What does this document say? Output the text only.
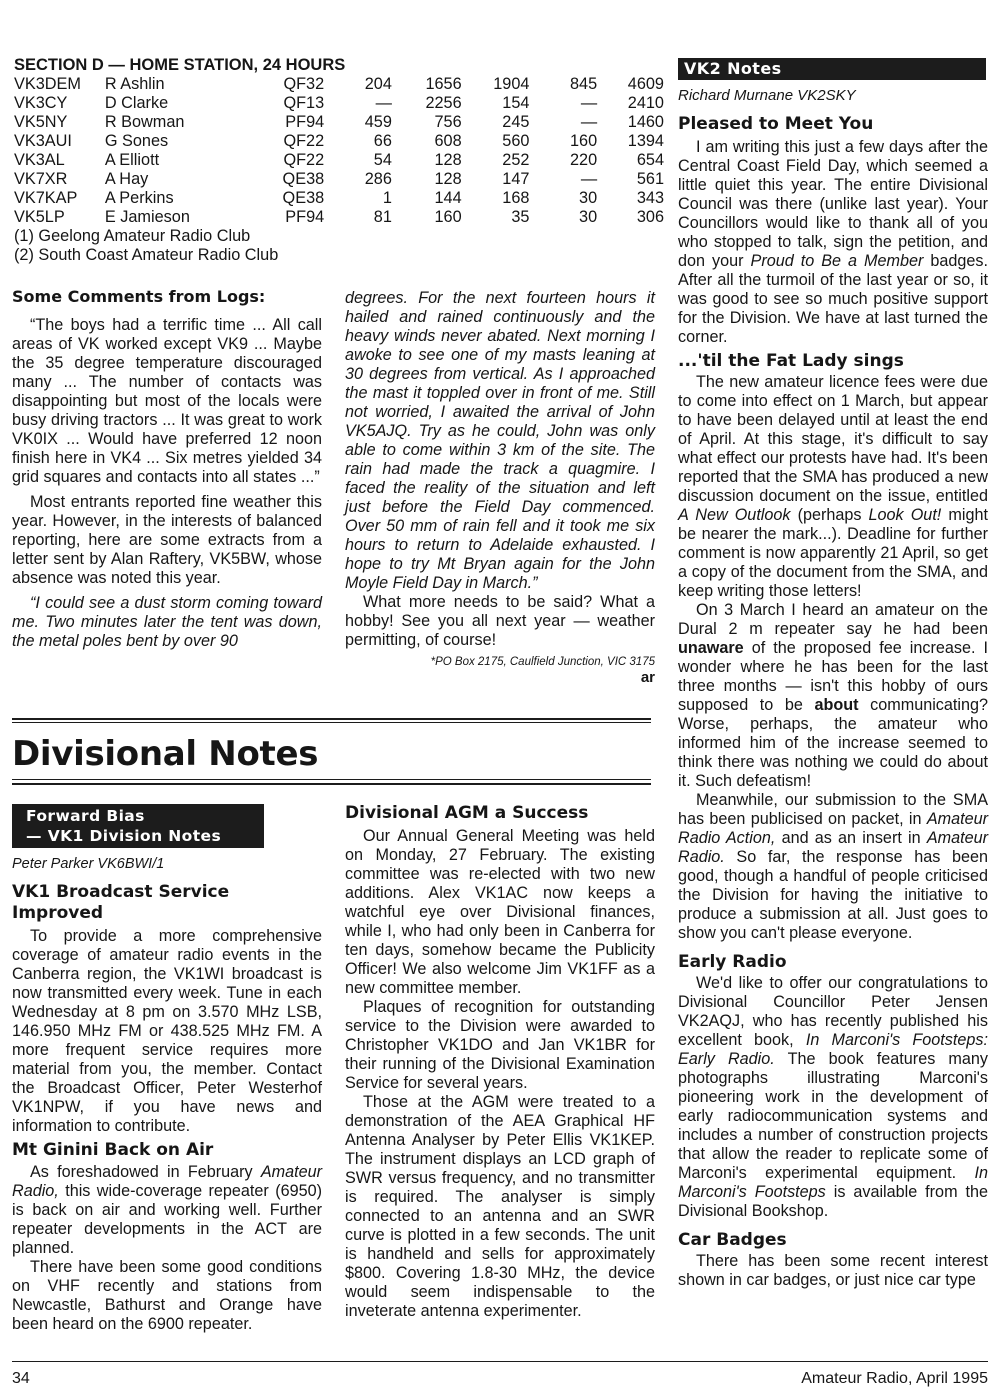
SECTION D — HOME STATION, 24 HOURS
VK3DEM	R Ashlin	QF32	204	1656	1904	845	4609
VK3CY	D Clarke	QF13	—	2256	154	—	2410
VK5NY	R Bowman	PF94	459	756	245	—	1460
VK3AUI	G Sones	QF22	66	608	560	160	1394
VK3AL	A Elliott	QF22	54	128	252	220	654
VK7XR	A Hay	QE38	286	128	147	—	561
VK7KAP	A Perkins	QE38	1	144	168	30	343
VK5LP	E Jamieson	PF94	81	160	35	30	306
(1) Geelong Amateur Radio Club
(2) South Coast Amateur Radio Club
Some Comments from Logs:

“The boys had a terrific time ... All call areas of VK worked except VK9 ... Maybe the 35 degree temperature discouraged many ... The number of contacts was disappointing but most of the locals were busy driving tractors ... It was great to work VK0IX ... Would have preferred 12 noon finish here in VK4 ... Six metres yielded 34 grid squares and contacts into all states ...”

Most entrants reported fine weather this year. However, in the interests of balanced reporting, here are some extracts from a letter sent by Alan Raftery, VK5BW, whose absence was noted this year.

“I could see a dust storm coming toward me. Two minutes later the tent was down, the metal poles bent by over 90

degrees. For the next fourteen hours it hailed and rained continuously and the heavy winds never abated. Next morning I awoke to see one of my masts leaning at 30 degrees from vertical. As I approached the mast it toppled over in front of me. Still not worried, I awaited the arrival of John VK5AJQ. Try as he could, John was only able to come within 3 km of the site. The rain had made the track a quagmire. I faced the reality of the situation and left just before the Field Day commenced. Over 50 mm of rain fell and it took me six hours to return to Adelaide exhausted. I hope to try Mt Bryan again for the John Moyle Field Day in March.”

What more needs to be said? What a hobby! See you all next year — weather permitting, of course!

*PO Box 2175, Caulfield Junction, VIC 3175
ar
Divisional Notes
Forward Bias
— VK1 Division Notes
Peter Parker VK6BWI/1
VK1 Broadcast Service Improved

To provide a more comprehensive coverage of amateur radio events in the Canberra region, the VK1WI broadcast is now transmitted every week. Tune in each Wednesday at 8 pm on 3.570 MHz LSB, 146.950 MHz FM or 438.525 MHz FM. A more frequent service requires more material from you, the member. Contact the Broadcast Officer, Peter Westerhof VK1NPW, if you have news and information to contribute.

Mt Ginini Back on Air

As foreshadowed in February Amateur Radio, this wide-coverage repeater (6950) is back on air and working well. Further repeater developments in the ACT are planned.

There have been some good conditions on VHF recently and stations from Newcastle, Bathurst and Orange have been heard on the 6900 repeater.

Divisional AGM a Success

Our Annual General Meeting was held on Monday, 27 February. The existing committee was re-elected with two new additions. Alex VK1AC now keeps a watchful eye over Divisional finances, while I, who had only been in Canberra for ten days, somehow became the Publicity Officer! We also welcome Jim VK1FF as a new committee member.

Plaques of recognition for outstanding service to the Division were awarded to Christopher VK1DO and Jan VK1BR for their running of the Divisional Examination Service for several years.

Those at the AGM were treated to a demonstration of the AEA Graphical HF Antenna Analyser by Peter Ellis VK1KEP. The instrument displays an LCD graph of SWR versus frequency, and no transmitter is required. The analyser is simply connected to an antenna and an SWR curve is plotted in a few seconds. The unit is handheld and sells for approximately $800. Covering 1.8-30 MHz, the device would seem indispensable to the inveterate antenna experimenter.

VK2 Notes
Richard Murnane VK2SKY
Pleased to Meet You

I am writing this just a few days after the Central Coast Field Day, which seemed a little quiet this year. The entire Divisional Council was there (unlike last year). Your Councillors would like to thank all of you who stopped to talk, sign the petition, and don your Proud to Be a Member badges. After all the turmoil of the last year or so, it was good to see so much positive support for the Division. We have at last turned the corner.

...'til the Fat Lady sings

The new amateur licence fees were due to come into effect on 1 March, but appear to have been delayed until at least the end of April. At this stage, it's difficult to say what effect our protests have had. It's been reported that the SMA has produced a new discussion document on the issue, entitled A New Outlook (perhaps Look Out! might be nearer the mark...). Deadline for further comment is now apparently 21 April, so get a copy of the document from the SMA, and keep writing those letters!

On 3 March I heard an amateur on the Dural 2 m repeater say he had been unaware of the proposed fee increase. I wonder where he has been for the last three months — isn't this hobby of ours supposed to be about communicating? Worse, perhaps, the amateur who informed him of the increase seemed to think there was nothing we could do about it. Such defeatism!

Meanwhile, our submission to the SMA has been publicised on packet, in Amateur Radio Action, and as an insert in Amateur Radio. So far, the response has been good, though a handful of people criticised the Division for having the initiative to produce a submission at all. Just goes to show you can't please everyone.

Early Radio

We'd like to offer our congratulations to Divisional Councillor Peter Jensen VK2AQJ, who has recently published his excellent book, In Marconi's Footsteps: Early Radio. The book features many photographs illustrating Marconi's pioneering work in the development of early radiocommunication systems and includes a number of construction projects that allow the reader to replicate some of Marconi's experimental equipment. In Marconi's Footsteps is available from the Divisional Bookshop.

Car Badges

There has been some recent interest shown in car badges, or just nice car type

34	Amateur Radio, April 1995
